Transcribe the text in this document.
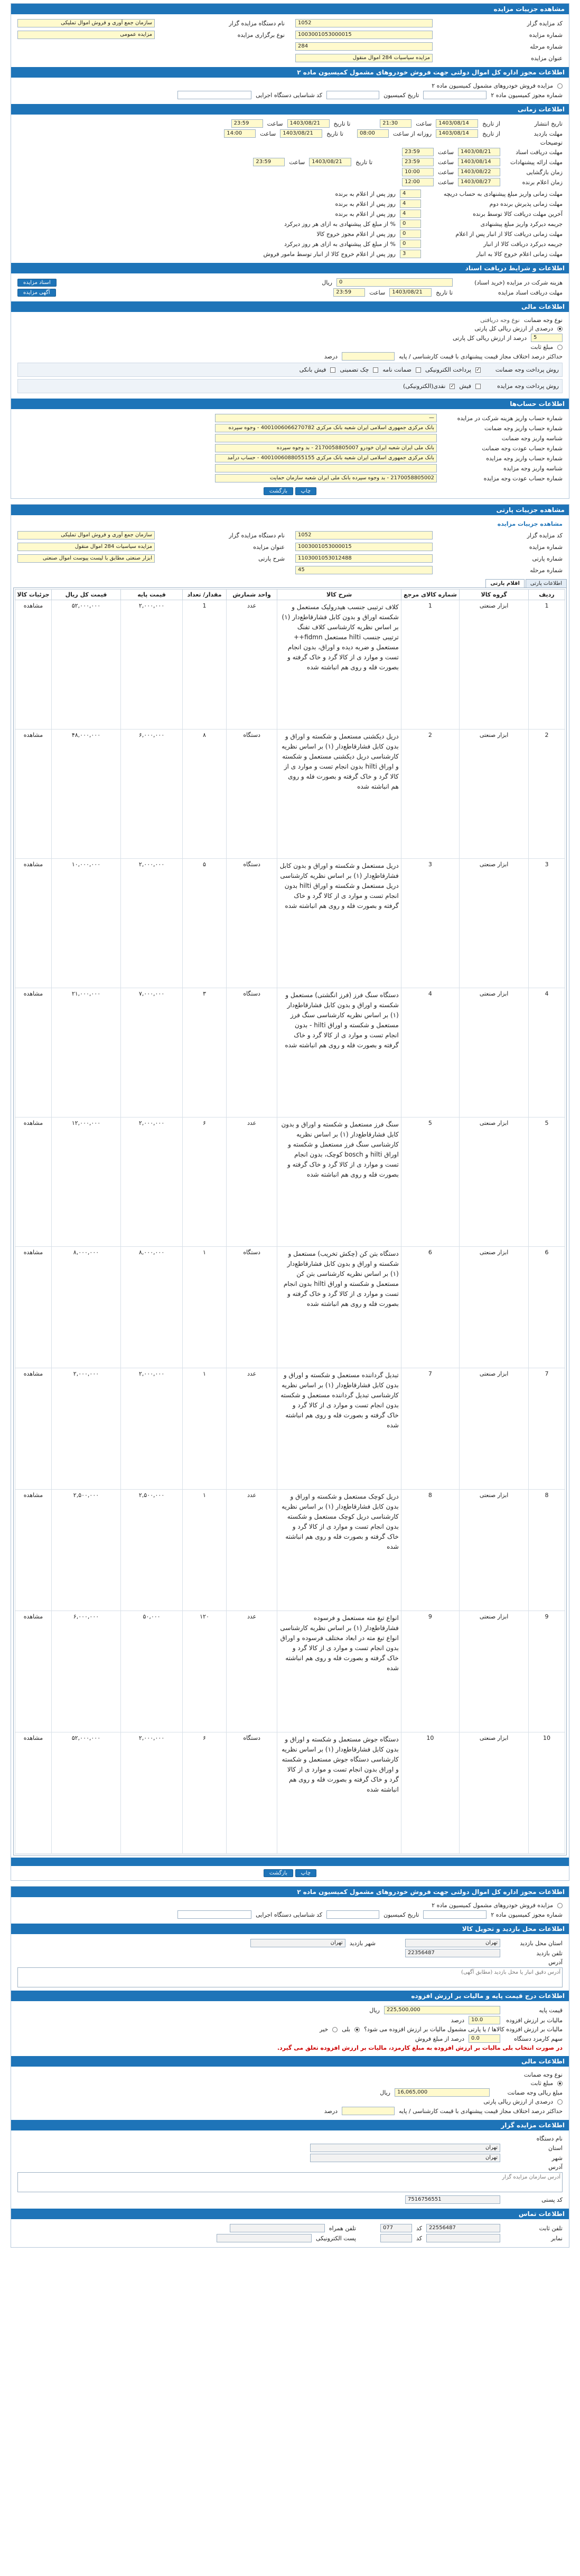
مشاهده جزییات مزایده
کد مزایده گزار
1052
نام دستگاه مزایده گزار
سازمان جمع آوری و فروش اموال تملیکی
شماره مزایده
1003001053000015
نوع برگزاری مزایده
مزایده عمومی
شماره مرحله
284
عنوان مزایده
مزایده سیاسیات 284 اموال منقول
اطلاعات مجوز اداره کل اموال دولتی جهت فروش خودروهای مشمول کمیسیون ماده ۲
مزایده فروش خودروهای مشمول کمیسیون ماده ۲
شماره مجوز کمیسیون ماده ۲
تاریخ کمیسیون
کد شناسایی دستگاه اجرایی
اطلاعات زمانی
تاریخ انتشار
از تاریخ
1403/08/14
ساعت
21:30
تا تاریخ
1403/08/21
ساعت
23:59
مهلت بازدید
از تاریخ
1403/08/14
روزانه از ساعت
08:00
تا تاریخ
1403/08/21
ساعت
14:00
توضیحات
مهلت دریافت اسناد
1403/08/21
ساعت
23:59
مهلت ارائه پیشنهادات
1403/08/14
ساعت
23:59
تا تاریخ
1403/08/21
ساعت
23:59
زمان بازگشایی
1403/08/22
ساعت
10:00
زمان اعلام برنده
1403/08/27
ساعت
12:00
مهلت زمانی واریز مبلغ پیشنهادی به حساب دریچه
4
روز پس از اعلام به برنده
مهلت زمانی پذیرش برنده دوم
4
روز پس از اعلام به برنده
آخرین مهلت دریافت کالا توسط برنده
4
روز پس از اعلام به برنده
جریمه دیرکرد واریز مبلغ پیشنهادی
0
% از مبلغ کل پیشنهادی به ازای هر روز دیرکرد
مهلت زمانی دریافت کالا از انبار پس از اعلام
0
روز پس از اعلام مجوز خروج کالا
جریمه دیرکرد دریافت کالا از انبار
0
% از مبلغ کل پیشنهادی به ازای هر روز دیرکرد
مهلت زمانی اعلام خروج کالا به انبار
3
روز پس از اعلام خروج کالا از انبار توسط مامور فروش
اطلاعات و شرایط دریافت اسناد
هزینه شرکت در مزایده (خرید اسناد)
0
ریال
اسناد مزایده
مهلت دریافت اسناد مزایده
تا تاریخ
1403/08/21
ساعت
23:59
آگهی مزایده
اطلاعات مالی
نوع وجه ضمانت
نوع وجه دریافتی
درصدی از ارزش ریالی کل پارتی
5
درصد از ارزش ریالی کل پارتی
مبلغ ثابت
حداکثر درصد اختلاف مجاز قیمت پیشنهادی با قیمت کارشناسی / پایه
درصد
روش پرداخت وجه ضمانت
✓
پرداخت الکترونیکی
ضمانت نامه
چک تضمینی
فیش بانکی
روش پرداخت وجه مزایده
فیش
✓
نقدی(الکترونیکی)
اطلاعات حساب‌ها
شماره حساب واریز هزینه شرکت در مزایده
—
شماره حساب واریز وجه ضمانت
بانک مرکزی جمهوری اسلامی ایران شعبه بانک مرکزی 4001006066270782 - وجوه سپرده
شناسه واریز وجه ضمانت
شماره حساب عودت وجه ضمانت
بانک ملی ایران شعبه ایران خودرو 2170058805007 - بد وجوه سپرده
شماره حساب واریز وجه مزایده
بانک مرکزی جمهوری اسلامی ایران شعبه بانک مرکزی 4001006088055155 - حساب درآمد
شناسه واریز وجه مزایده
شماره حساب عودت وجه مزایده
2170058805002 - بد وجوه سپرده بانک ملی ایران شعبه سازمان حمایت
چاپ بازگشت
مشاهده جزییات پارتی
مشاهده جزییات مزایده
کد مزایده گزار
1052
نام دستگاه مزایده گزار
سازمان جمع آوری و فروش اموال تملیکی
شماره مزایده
1003001053000015
عنوان مزایده
مزایده سیاسیات 284 اموال منقول
شماره پارتی
1103001053012488
شرح پارتی
ابزار صنعتی مطابق با لیست پیوست اموال صنعتی
شماره مرحله
45
اطلاعات پارتی
اقلام پارتی
ردیف	گروه کالا	شماره کالای مرجع	شرح کالا	واحد شمارش	مقدار/ تعداد	قیمت پایه	قیمت کل ریال	جزئیات کالا
1	ابزار صنعتی	1	کلاف ترتیبی جنسب هیدرولیک مستعمل و شکسته اوراق و بدون کابل فشارقاطع‌دار (۱) بر اساس نظریه کارشناسی کلاف تفنگ ترتیبی جنسب hilti مستعمل fidmn++ مستعمل و ضربه دیده و اوراق، بدون انجام تست و موارد ی از کالا گرد و خاک گرفته و بصورت فله و روی هم انباشته شده	عدد	1	۲,۰۰۰,۰۰۰	۵۲,۰۰۰,۰۰۰	مشاهده
2	ابزار صنعتی	2	دریل دیکشنی مستعمل و شکسته و اوراق و بدون کابل فشارقاطع‌دار (۱) بر اساس نظریه کارشناسی دریل دیکشنی مستعمل و شکسته و اوراق hilti بدون انجام تست و موارد ی از کالا گرد و خاک گرفته و بصورت فله و روی هم انباشته شده	دستگاه	۸	۶,۰۰۰,۰۰۰	۴۸,۰۰۰,۰۰۰	مشاهده
3	ابزار صنعتی	3	دریل مستعمل و شکسته و اوراق و بدون کابل فشارقاطع‌دار (۱) بر اساس نظریه کارشناسی دریل مستعمل و شکسته و اوراق hilti بدون انجام تست و موارد ی از کالا گرد و خاک گرفته و بصورت فله و روی هم انباشته شده	دستگاه	۵	۲,۰۰۰,۰۰۰	۱۰,۰۰۰,۰۰۰	مشاهده
4	ابزار صنعتی	4	دستگاه سنگ فرز (فرز انگشتی) مستعمل و شکسته و اوراق و بدون کابل فشارقاطع‌دار (۱) بر اساس نظریه کارشناسی سنگ فرز مستعمل و شکسته و اوراق hilti - بدون انجام تست و موارد ی از کالا گرد و خاک گرفته و بصورت فله و روی هم انباشته شده	دستگاه	۳	۷,۰۰۰,۰۰۰	۲۱,۰۰۰,۰۰۰	مشاهده
5	ابزار صنعتی	5	سنگ فرز مستعمل و شکسته و اوراق و بدون کابل فشارقاطع‌دار (۱) بر اساس نظریه کارشناسی سنگ فرز مستعمل و شکسته و اوراق hilti و bosch کوچک، بدون انجام تست و موارد ی از کالا گرد و خاک گرفته و بصورت فله و روی هم انباشته شده	عدد	۶	۲,۰۰۰,۰۰۰	۱۲,۰۰۰,۰۰۰	مشاهده
6	ابزار صنعتی	6	دستگاه بتن کن (چکش تخریب) مستعمل و شکسته و اوراق و بدون کابل فشارقاطع‌دار (۱) بر اساس نظریه کارشناسی بتن کن مستعمل و شکسته و اوراق hilti بدون انجام تست و موارد ی از کالا گرد و خاک گرفته و بصورت فله و روی هم انباشته شده	دستگاه	۱	۸,۰۰۰,۰۰۰	۸,۰۰۰,۰۰۰	مشاهده
7	ابزار صنعتی	7	تبدیل گرداننده مستعمل و شکسته و اوراق و بدون کابل فشارقاطع‌دار (۱) بر اساس نظریه کارشناسی تبدیل گرداننده مستعمل و شکسته بدون انجام تست و موارد ی از کالا گرد و خاک گرفته و بصورت فله و روی هم انباشته شده	عدد	۱	۲,۰۰۰,۰۰۰	۲,۰۰۰,۰۰۰	مشاهده
8	ابزار صنعتی	8	دریل کوچک مستعمل و شکسته و اوراق و بدون کابل فشارقاطع‌دار (۱) بر اساس نظریه کارشناسی دریل کوچک مستعمل و شکسته بدون انجام تست و موارد ی از کالا گرد و خاک گرفته و بصورت فله و روی هم انباشته شده	عدد	۱	۲,۵۰۰,۰۰۰	۲,۵۰۰,۰۰۰	مشاهده
9	ابزار صنعتی	9	انواع تیغ مته مستعمل و فرسوده فشارقاطع‌دار (۱) بر اساس نظریه کارشناسی انواع تیغ مته در ابعاد مختلف فرسوده و اوراق بدون انجام تست و موارد ی از کالا گرد و خاک گرفته و بصورت فله و روی هم انباشته شده	عدد	۱۲۰	۵۰,۰۰۰	۶,۰۰۰,۰۰۰	مشاهده
10	ابزار صنعتی	10	دستگاه جوش مستعمل و شکسته و اوراق و بدون کابل فشارقاطع‌دار (۱) بر اساس نظریه کارشناسی دستگاه جوش مستعمل و شکسته و اوراق بدون انجام تست و موارد ی از کالا گرد و خاک گرفته و بصورت فله و روی هم انباشته شده	دستگاه	۶	۲,۰۰۰,۰۰۰	۵۲,۰۰۰,۰۰۰	مشاهده
چاپ بازگشت
اطلاعات مجوز اداره کل اموال دولتی جهت فروش خودروهای مشمول کمیسیون ماده ۲
مزایده فروش خودروهای مشمول کمیسیون ماده ۲
شماره مجوز کمیسیون ماده ۲
تاریخ کمیسیون
کد شناسایی دستگاه اجرایی
اطلاعات محل بازدید و تحویل کالا
استان محل بازدید
تهران
شهر بازدید
تهران
تلفن بازدید
22356487
آدرس
آدرس دقیق انبار یا محل بازدید (مطابق آگهی)
اطلاعات درج قیمت پایه و مالیات بر ارزش افزوده
قیمت پایه
225,500,000
ریال
مالیات بر ارزش افزوده
10.0
درصد
مالیات بر ارزش افزوده کالاها / یا پارتی مشمول مالیات بر ارزش افزوده می شود؟
بلی
خیر
سهم کارمزد دستگاه
0.0
درصد از مبلغ فروش
در صورت انتخاب بلی مالیات بر ارزش افزوده به مبلغ کارمزد، مالیات بر ارزش افزوده تعلق می گیرد.
اطلاعات مالی
نوع وجه ضمانت
مبلغ ثابت
مبلغ ریالی وجه ضمانت
16,065,000
ریال
درصدی از ارزش ریالی پارتی
حداکثر درصد اختلاف مجاز قیمت پیشنهادی با قیمت کارشناسی / پایه
درصد
اطلاعات مزایده گزار
نام دستگاه
استان
تهران
شهر
تهران
آدرس
آدرس سازمان مزایده گزار
کد پستی
7516756551
اطلاعات تماس
تلفن ثابت
22556487
کد
077
تلفن همراه
نمابر
کد
پست الکترونیکی
